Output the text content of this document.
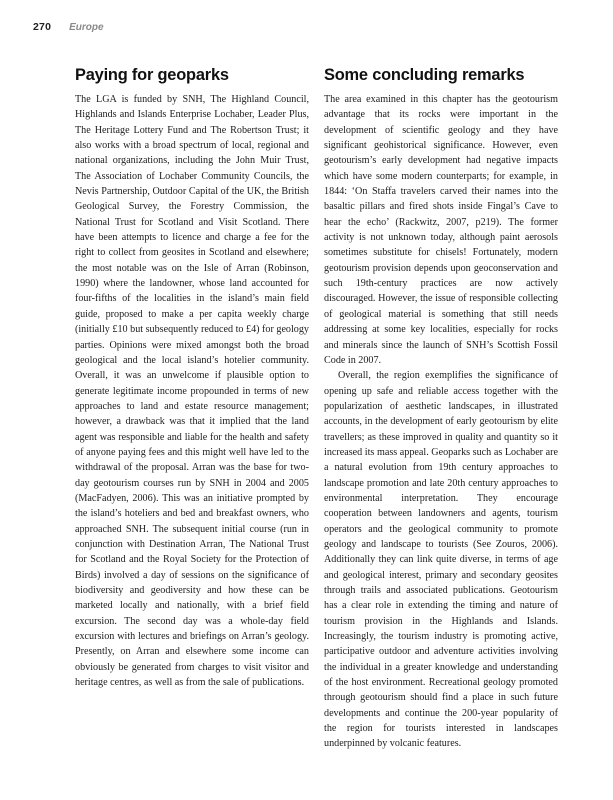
270 Europe
Paying for geoparks

The LGA is funded by SNH, The Highland Council, Highlands and Islands Enterprise Lochaber, Leader Plus, The Heritage Lottery Fund and The Robertson Trust; it also works with a broad spectrum of local, regional and national organizations, including the John Muir Trust, The Association of Lochaber Community Councils, the Nevis Partnership, Outdoor Capital of the UK, the British Geological Survey, the Forestry Commission, the National Trust for Scotland and Visit Scotland. There have been attempts to licence and charge a fee for the right to collect from geosites in Scotland and elsewhere; the most notable was on the Isle of Arran (Robinson, 1990) where the landowner, whose land accounted for four-fifths of the localities in the island’s main field guide, proposed to make a per capita weekly charge (initially £10 but subsequently reduced to £4) for geology parties. Opinions were mixed amongst both the broad geological and the local island’s hotelier community. Overall, it was an unwelcome if plausible option to generate legitimate income propounded in terms of new approaches to land and estate resource management; however, a drawback was that it implied that the land agent was responsible and liable for the health and safety of anyone paying fees and this might well have led to the withdrawal of the proposal. Arran was the base for two-day geotourism courses run by SNH in 2004 and 2005 (MacFadyen, 2006). This was an initiative prompted by the island’s hoteliers and bed and breakfast owners, who approached SNH. The subsequent initial course (run in conjunction with Destination Arran, The National Trust for Scotland and the Royal Society for the Protection of Birds) involved a day of sessions on the significance of biodiversity and geodiversity and how these can be marketed locally and nationally, with a brief field excursion. The second day was a whole-day field excursion with lectures and briefings on Arran’s geology. Presently, on Arran and elsewhere some income can obviously be generated from charges to visit visitor and heritage centres, as well as from the sale of publications.

Some concluding remarks

The area examined in this chapter has the geotourism advantage that its rocks were important in the development of scientific geology and they have significant geohistorical significance. However, even geotourism’s early development had negative impacts which have some modern counterparts; for example, in 1844: ‘On Staffa travelers carved their names into the basaltic pillars and fired shots inside Fingal’s Cave to hear the echo’ (Rackwitz, 2007, p219). The former activity is not unknown today, although paint aerosols sometimes substitute for chisels! Fortunately, modern geotourism provision depends upon geoconservation and such 19th-century practices are now actively discouraged. However, the issue of responsible collecting of geological material is something that still needs addressing at some key localities, especially for rocks and minerals since the launch of SNH’s Scottish Fossil Code in 2007.

Overall, the region exemplifies the significance of opening up safe and reliable access together with the popularization of aesthetic landscapes, in illustrated accounts, in the development of early geotourism by elite travellers; as these improved in quality and quantity so it increased its mass appeal. Geoparks such as Lochaber are a natural evolution from 19th century approaches to landscape promotion and late 20th century approaches to environmental interpretation. They encourage cooperation between landowners and agents, tourism operators and the geological community to promote geology and landscape to tourists (See Zouros, 2006). Additionally they can link quite diverse, in terms of age and geological interest, primary and secondary geosites through trails and associated publications. Geotourism has a clear role in extending the timing and nature of tourism provision in the Highlands and Islands. Increasingly, the tourism industry is promoting active, participative outdoor and adventure activities involving the individual in a greater knowledge and understanding of the host environment. Recreational geology promoted through geotourism should find a place in such future developments and continue the 200-year popularity of the region for tourists interested in landscapes underpinned by volcanic features.
